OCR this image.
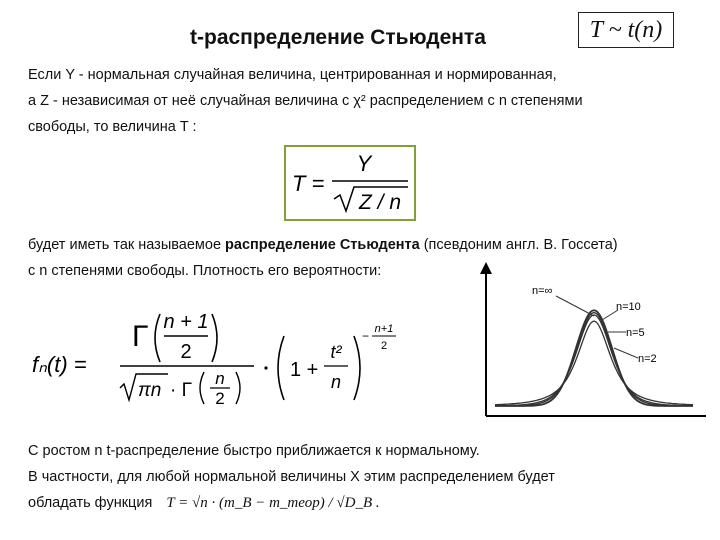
t-распределение Стьюдента	T ~ t(n)
Если Y - нормальная случайная величина, центрированная и нормированная,
а Z - независимая от неё случайная величина с χ² распределением с n степенями
свободы, то величина T :
T =
Y
Z / n
будет иметь так называемое распределение Стьюдента (псевдоним англ. В. Госсета)
с n степенями свободы. Плотность его вероятности:
fₙ(t) =
Γ n + 1
2
πn · Γ
n
2
1 +
t²
n
− n+1
2
n=∞
n=10
n=5
n=2
С ростом n t-распределение быстро приближается к нормальному.
В частности, для любой нормальной величины X этим распределением будет
обладать функция T = √n · (m_B − m_теор) / √D_B .
